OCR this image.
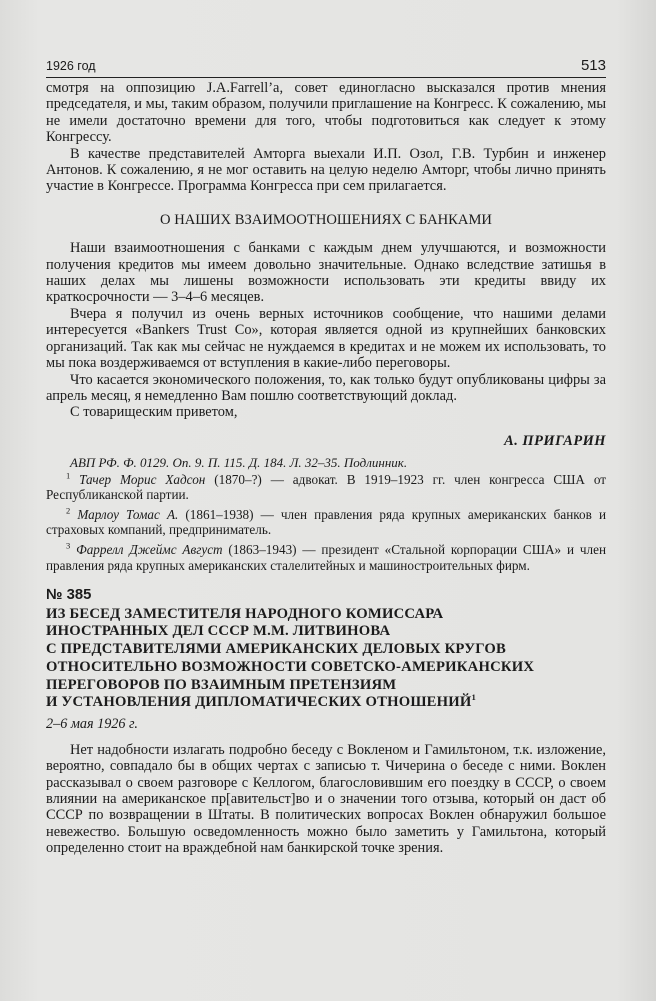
1926 год	513

смотря на оппозицию J.A.Farrell’а, совет единогласно высказался против мнения председателя, и мы, таким образом, получили приглашение на Конгресс. К сожалению, мы не имели достаточно времени для того, чтобы подготовиться как следует к этому Конгрессу.

В качестве представителей Амторга выехали И.П. Озол, Г.В. Турбин и инженер Антонов. К сожалению, я не мог оставить на целую неделю Амторг, чтобы лично принять участие в Конгрессе. Программа Конгресса при сем прилагается.

О НАШИХ ВЗАИМООТНОШЕНИЯХ С БАНКАМИ

Наши взаимоотношения с банками с каждым днем улучшаются, и возможности получения кредитов мы имеем довольно значительные. Однако вследствие затишья в наших делах мы лишены возможности использовать эти кредиты ввиду их краткосрочности — 3–4–6 месяцев.

Вчера я получил из очень верных источников сообщение, что нашими делами интересуется «Bankers Trust Co», которая является одной из крупнейших банковских организаций. Так как мы сейчас не нуждаемся в кредитах и не можем их использовать, то мы пока воздерживаемся от вступления в какие-либо переговоры.

Что касается экономического положения, то, как только будут опубликованы цифры за апрель месяц, я немедленно Вам пошлю соответствующий доклад.

С товарищеским приветом,

А. ПРИГАРИН

АВП РФ. Ф. 0129. Оп. 9. П. 115. Д. 184. Л. 32–35. Подлинник.

$^1$ Тачер Морис Хадсон (1870–?) — адвокат. В 1919–1923 гг. член конгресса США от Республиканской партии.

$^2$ Марлоу Томас А. (1861–1938) — член правления ряда крупных американских банков и страховых компаний, предприниматель.

$^3$ Фаррелл Джеймс Август (1863–1943) — президент «Стальной корпорации США» и член правления ряда крупных американских сталелитейных и машиностроительных фирм.

№ 385
ИЗ БЕСЕД ЗАМЕСТИТЕЛЯ НАРОДНОГО КОМИССАРА
ИНОСТРАННЫХ ДЕЛ СССР М.М. ЛИТВИНОВА
С ПРЕДСТАВИТЕЛЯМИ АМЕРИКАНСКИХ ДЕЛОВЫХ КРУГОВ
ОТНОСИТЕЛЬНО ВОЗМОЖНОСТИ СОВЕТСКО-АМЕРИКАНСКИХ
ПЕРЕГОВОРОВ ПО ВЗАИМНЫМ ПРЕТЕНЗИЯМ
И УСТАНОВЛЕНИЯ ДИПЛОМАТИЧЕСКИХ ОТНОШЕНИЙ$^1$
2–6 мая 1926 г.

Нет надобности излагать подробно беседу с Вокленом и Гамильтоном, т.к. изложение, вероятно, совпадало бы в общих чертах с записью т. Чичерина о беседе с ними. Воклен рассказывал о своем разговоре с Келлогом, благословившим его поездку в СССР, о своем влиянии на американское пр[авительст]во и о значении того отзыва, который он даст об СССР по возвращении в Штаты. В политических вопросах Воклен обнаружил большое невежество. Большую осведомленность можно было заметить у Гамильтона, который определенно стоит на враждебной нам банкирской точке зрения.
